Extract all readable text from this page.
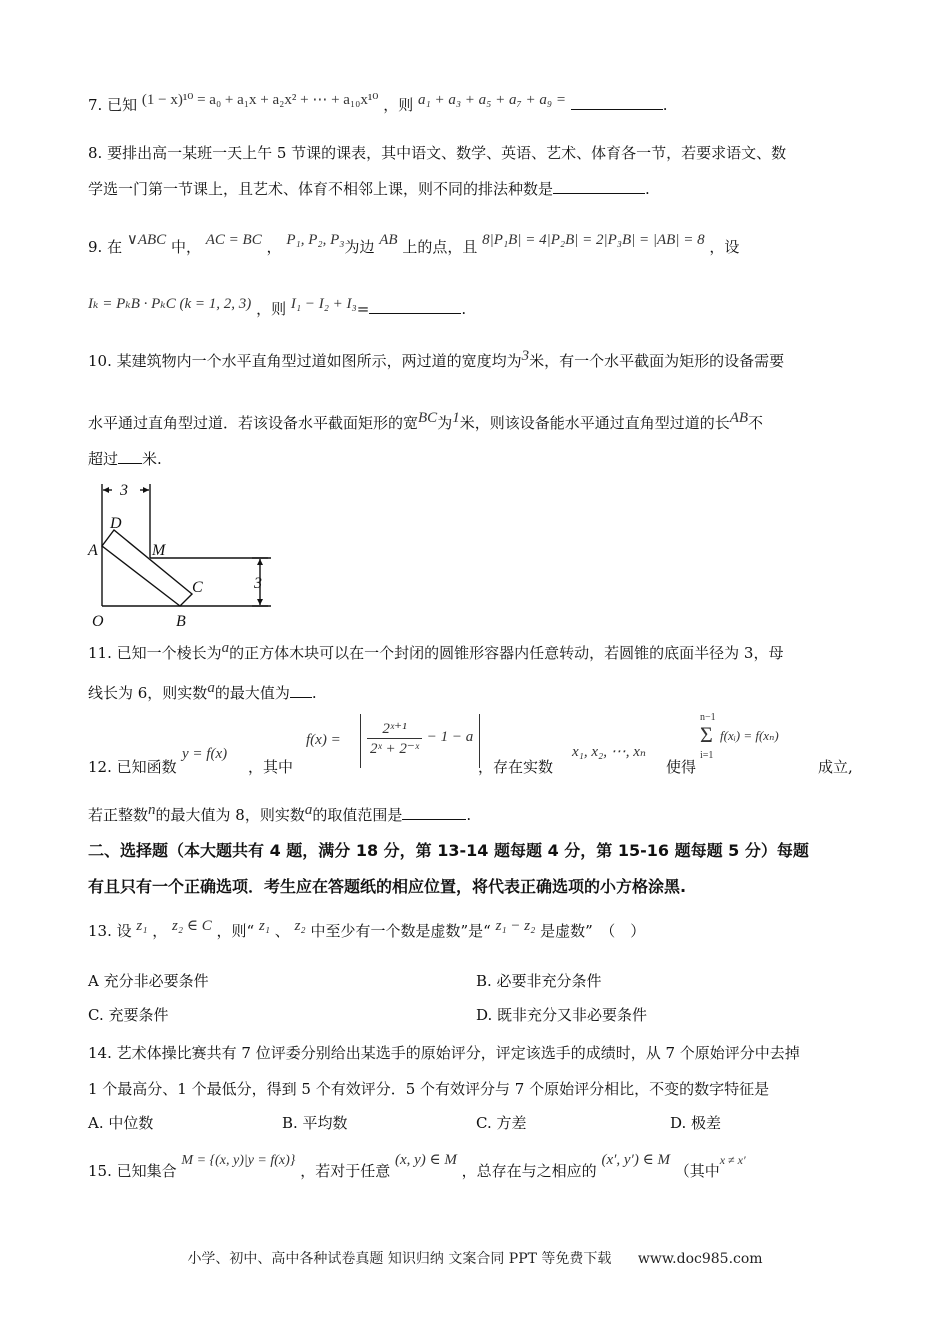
7. 已知 (1 − x)¹⁰ = a₀ + a₁x + a₂x² + ⋯ + a₁₀x¹⁰ ，则 a₁ + a₃ + a₅ + a₇ + a₉ =	.
8. 要排出高一某班一天上午 5 节课的课表，其中语文、数学、英语、艺术、体育各一节，若要求语文、数
学选一门第一节课上，且艺术、体育不相邻上课，则不同的排法种数是	.
9. 在 ∨ABC 中， AC = BC ， P₁, P₂, P₃为边 AB 上的点，且 8|P₁B| = 4|P₂B| = 2|P₃B| = |AB| = 8 ，设
Iₖ = PₖB · PₖC (k = 1, 2, 3) ，则 I₁ − I₂ + I₃=	.
10. 某建筑物内一个水平直角型过道如图所示，两过道的宽度均为3米，有一个水平截面为矩形的设备需要
水平通过直角型过道．若该设备水平截面矩形的宽BC为1米，则该设备能水平通过直角型过道的长AB不
超过 米.
3
3
A
D
M
C
O	B
11. 已知一个棱长为a的正方体木块可以在一个封闭的圆锥形容器内任意转动，若圆锥的底面半径为 3，母
线长为 6，则实数a的最大值为 .
12. 已知函数
y = f(x)
，其中
$f(x) = \frac{\text{2ˣ⁺¹}}{\text{2ˣ + 2⁻ˣ}} - 1 - a$
，存在实数
x₁, x₂, ⋯, xₙ
使得
n−1
Σ
i=1
f(xᵢ) = f(xₙ)
成立,
若正整数n的最大值为 8，则实数a的取值范围是	.
二、选择题（本大题共有 4 题，满分 18 分，第 13-14 题每题 4 分，第 15-16 题每题 5 分）每题
有且只有一个正确选项．考生应在答题纸的相应位置，将代表正确选项的小方格涂黑.
13. 设 z₁ ， z₂ ∈ C ，则“ z₁ 、 z₂ 中至少有一个数是虚数”是“ z₁ − z₂ 是虚数”　（　）
A 充分非必要条件	B. 必要非充分条件
C. 充要条件	D. 既非充分又非必要条件
14. 艺术体操比赛共有 7 位评委分别给出某选手的原始评分，评定该选手的成绩时，从 7 个原始评分中去掉
1 个最高分、1 个最低分，得到 5 个有效评分．5 个有效评分与 7 个原始评分相比，不变的数字特征是
A. 中位数	B. 平均数	C. 方差	D. 极差
15. 已知集合 M = {(x, y)|y = f(x)} ，若对于任意 (x, y) ∈ M ，总存在与之相应的 (x′, y′) ∈ M （其中x ≠ x′
小学、初中、高中各种试卷真题 知识归纳 文案合同 PPT 等免费下载 www.doc985.com
